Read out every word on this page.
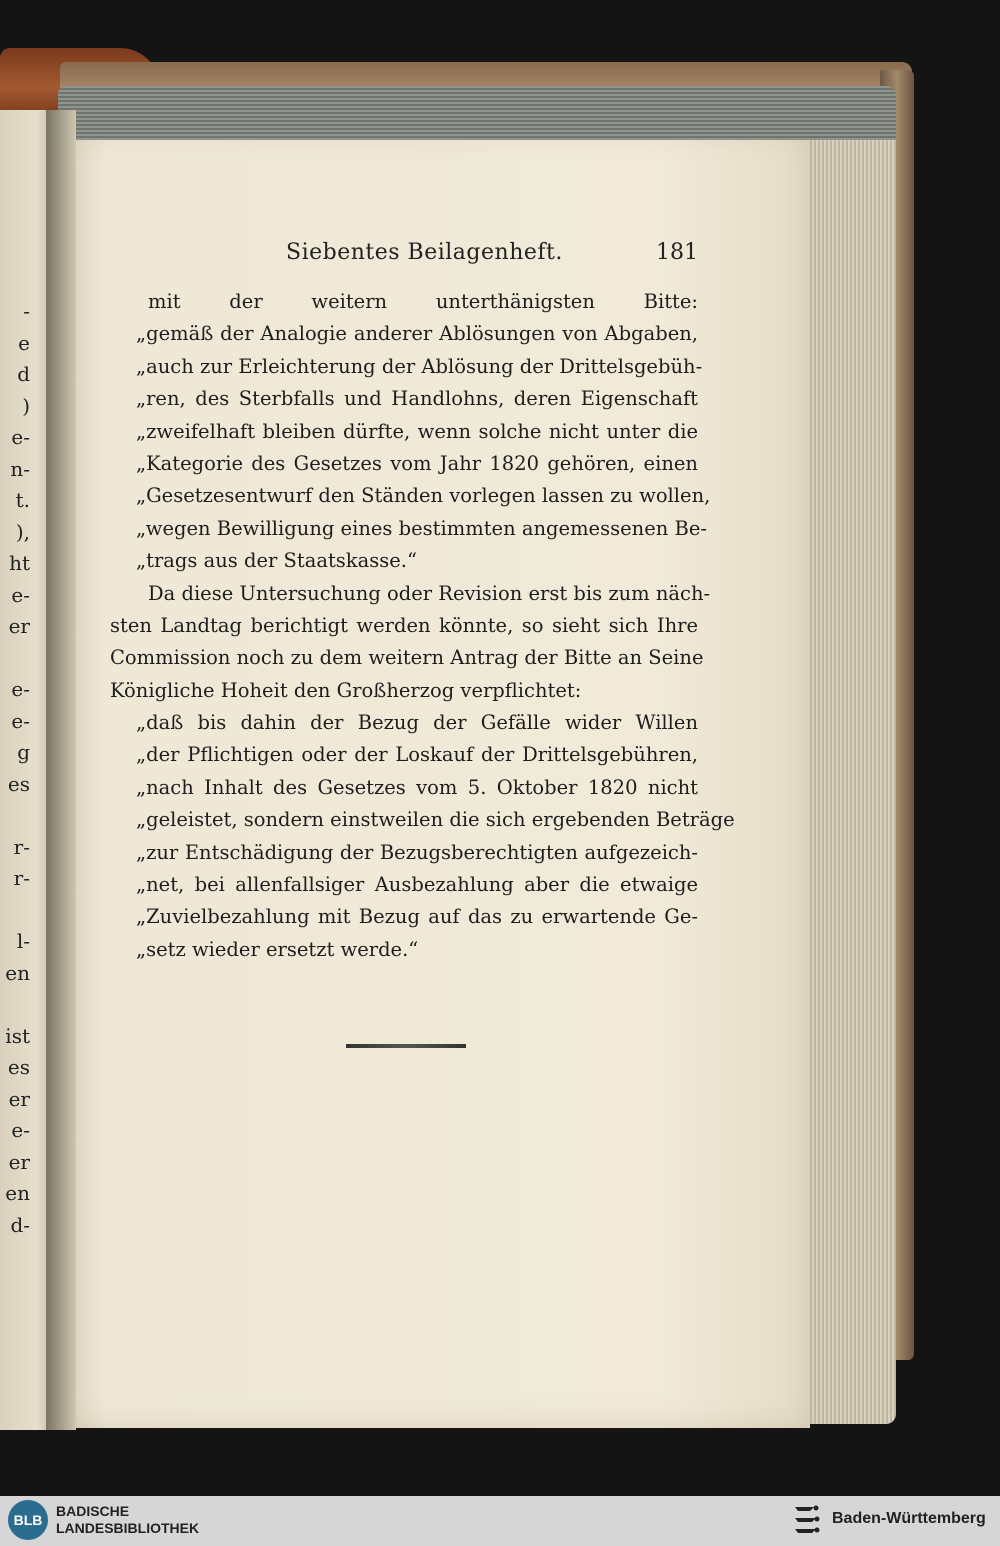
-
e
d
)
e-
n-
t.
),
ht
e-
er
e-
e-
g
es
r-
r-
l-
en
ist
es
er
e-
er
en
d-
Siebentes Beilagenheft.	181
mit der weitern unterthänigsten Bitte:
„gemäß der Analogie anderer Ablösungen von Abgaben,
„auch zur Erleichterung der Ablösung der Drittelsgebüh-
„ren, des Sterbfalls und Handlohns, deren Eigenschaft
„zweifelhaft bleiben dürfte, wenn solche nicht unter die
„Kategorie des Gesetzes vom Jahr 1820 gehören, einen
„Gesetzesentwurf den Ständen vorlegen lassen zu wollen,
„wegen Bewilligung eines bestimmten angemessenen Be-
„trags aus der Staatskasse.“
Da diese Untersuchung oder Revision erst bis zum näch-
sten Landtag berichtigt werden könnte, so sieht sich Ihre
Commission noch zu dem weitern Antrag der Bitte an Seine
Königliche Hoheit den Großherzog verpflichtet:
„daß bis dahin der Bezug der Gefälle wider Willen
„der Pflichtigen oder der Loskauf der Drittelsgebühren,
„nach Inhalt des Gesetzes vom 5. Oktober 1820 nicht
„geleistet, sondern einstweilen die sich ergebenden Beträge
„zur Entschädigung der Bezugsberechtigten aufgezeich-
„net, bei allenfallsiger Ausbezahlung aber die etwaige
„Zuvielbezahlung mit Bezug auf das zu erwartende Ge-
„setz wieder ersetzt werde.“
BLB
BADISCHE
LANDESBIBLIOTHEK
Baden-Württemberg
